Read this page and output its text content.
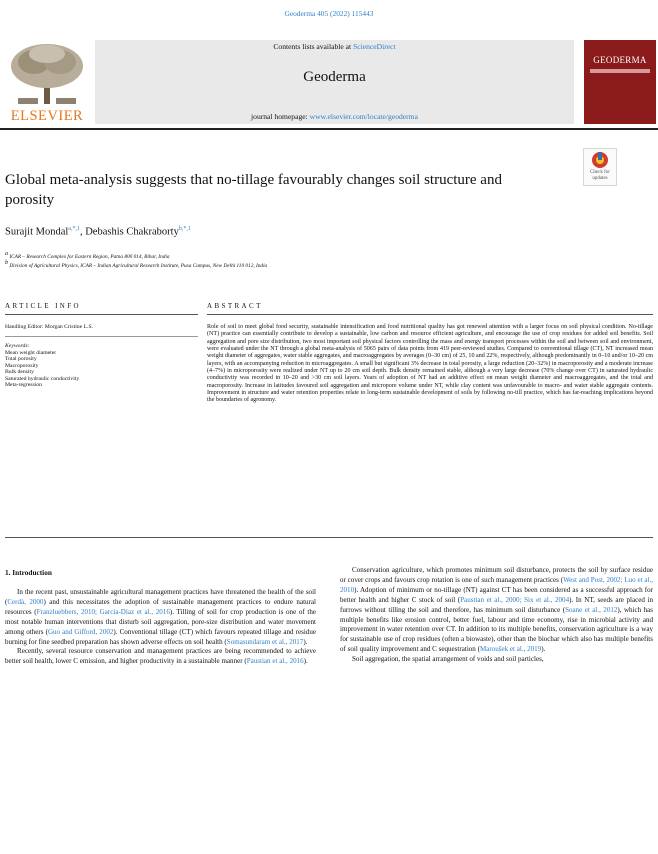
Geoderma 405 (2022) 115443
ELSEVIER
Contents lists available at ScienceDirect
Geoderma
journal homepage: www.elsevier.com/locate/geoderma
GEODERMA
Check for updates
Global meta-analysis suggests that no-tillage favourably changes soil structure and porosity
Surajit Mondal$^{a,*,1}$, Debashis Chakraborty$^{b,*,1}$
$^a$ ICAR – Research Complex for Eastern Region, Patna 800 014, Bihar, India
$^b$ Division of Agricultural Physics, ICAR – Indian Agricultural Research Institute, Pusa Campus, New Delhi 110 012, India
ARTICLE INFO	ABSTRACT
Handling Editor: Morgan Cristine L.S.
Keywords:
Mean weight diameter
Total porosity
Macroporosity
Bulk density
Saturated hydraulic conductivity
Meta-regression
Role of soil to meet global food security, sustainable intensification and food nutritional quality has got renewed attention with a larger focus on soil physical condition. No-tillage (NT) practice can essentially contribute to develop a sustainable, low carbon and resource efficient agriculture, and encourage the use of crop residues for added soil benefits. Soil aggregation and pore size distribution, two most important soil physical factors controlling the mass and energy transport processes within the soil and between soil and environment, were evaluated under the NT through a global meta-analysis of 5065 pairs of data points from 419 peer-reviewed studies. Compared to conventional tillage (CT), NT increased mean weight diameter of aggregates, water stable aggregates, and macroaggregates by averages (0–30 cm) of 25, 10 and 22%, respectively, although predominantly in 0–10 and/or 10–20 cm layers, with an accompanying reduction in microaggregates. A small but significant 3% decrease in total porosity, a large reduction (20–32%) in macroporosity and a moderate increase (4–7%) in microporosity were realized under NT up to 20 cm soil depth. Bulk density remained stable, although a very large decrease (70% change over CT) in saturated hydraulic conductivity was recorded in 10–20 and >30 cm soil layers. Years of adoption of NT had an additive effect on mean weight diameter and macroaggregates, and the total and macroporosity. Increase in latitudes favoured soil aggregation and micropore volume under NT, while clay content was unfavourable to macro- and water stable aggregate contents. Improvement in structure and water retention properties relate to long-term sustainable development of soils by following no-till practice, which has far-reaching implications beyond the boundaries of agronomy.
1. Introduction

In the recent past, unsustainable agricultural management practices have threatened the health of the soil (Cerdà, 2000) and this necessitates the adoption of sustainable management practices to endure natural resources (Franzluebbers, 2010; García-Díaz et al., 2016). Tilling of soil for crop production is one of the most notable human interventions that disturb soil aggregation, pore-size distribution and water movement among others (Guo and Gifford, 2002). Conventional tillage (CT) which favours repeated tillage and residue burning for fine seedbed preparation has shown adverse effects on soil health (Somasundaram et al., 2017).

Recently, several resource conservation and management practices are being recommended to achieve better soil health, lower C emission, and higher productivity in a sustainable manner (Paustian et al., 2016).

Conservation agriculture, which promotes minimum soil disturbance, protects the soil by surface residue or cover crops and favours crop rotation is one of such management practices (West and Post, 2002; Luo et al., 2010). Adoption of minimum or no-tillage (NT) against CT has been considered as a successful approach for better health and higher C stock of soil (Paustian et al., 2000; Six et al., 2004). In NT, seeds are placed in furrows without tilling the soil and therefore, has minimum soil disturbance (Soane et al., 2012), which has multiple benefits like erosion control, better fuel, labour and time economy, rise in microbial activity and improvement in water retention over CT. In addition to its multiple benefits, conservation agriculture is a way for sustainable use of crop residues (often a biowaste), other than the biochar which also has multiple benefits of soil quality improvement and C sequestration (Maroušek et al., 2019).

Soil aggregation, the spatial arrangement of voids and soil particles,
